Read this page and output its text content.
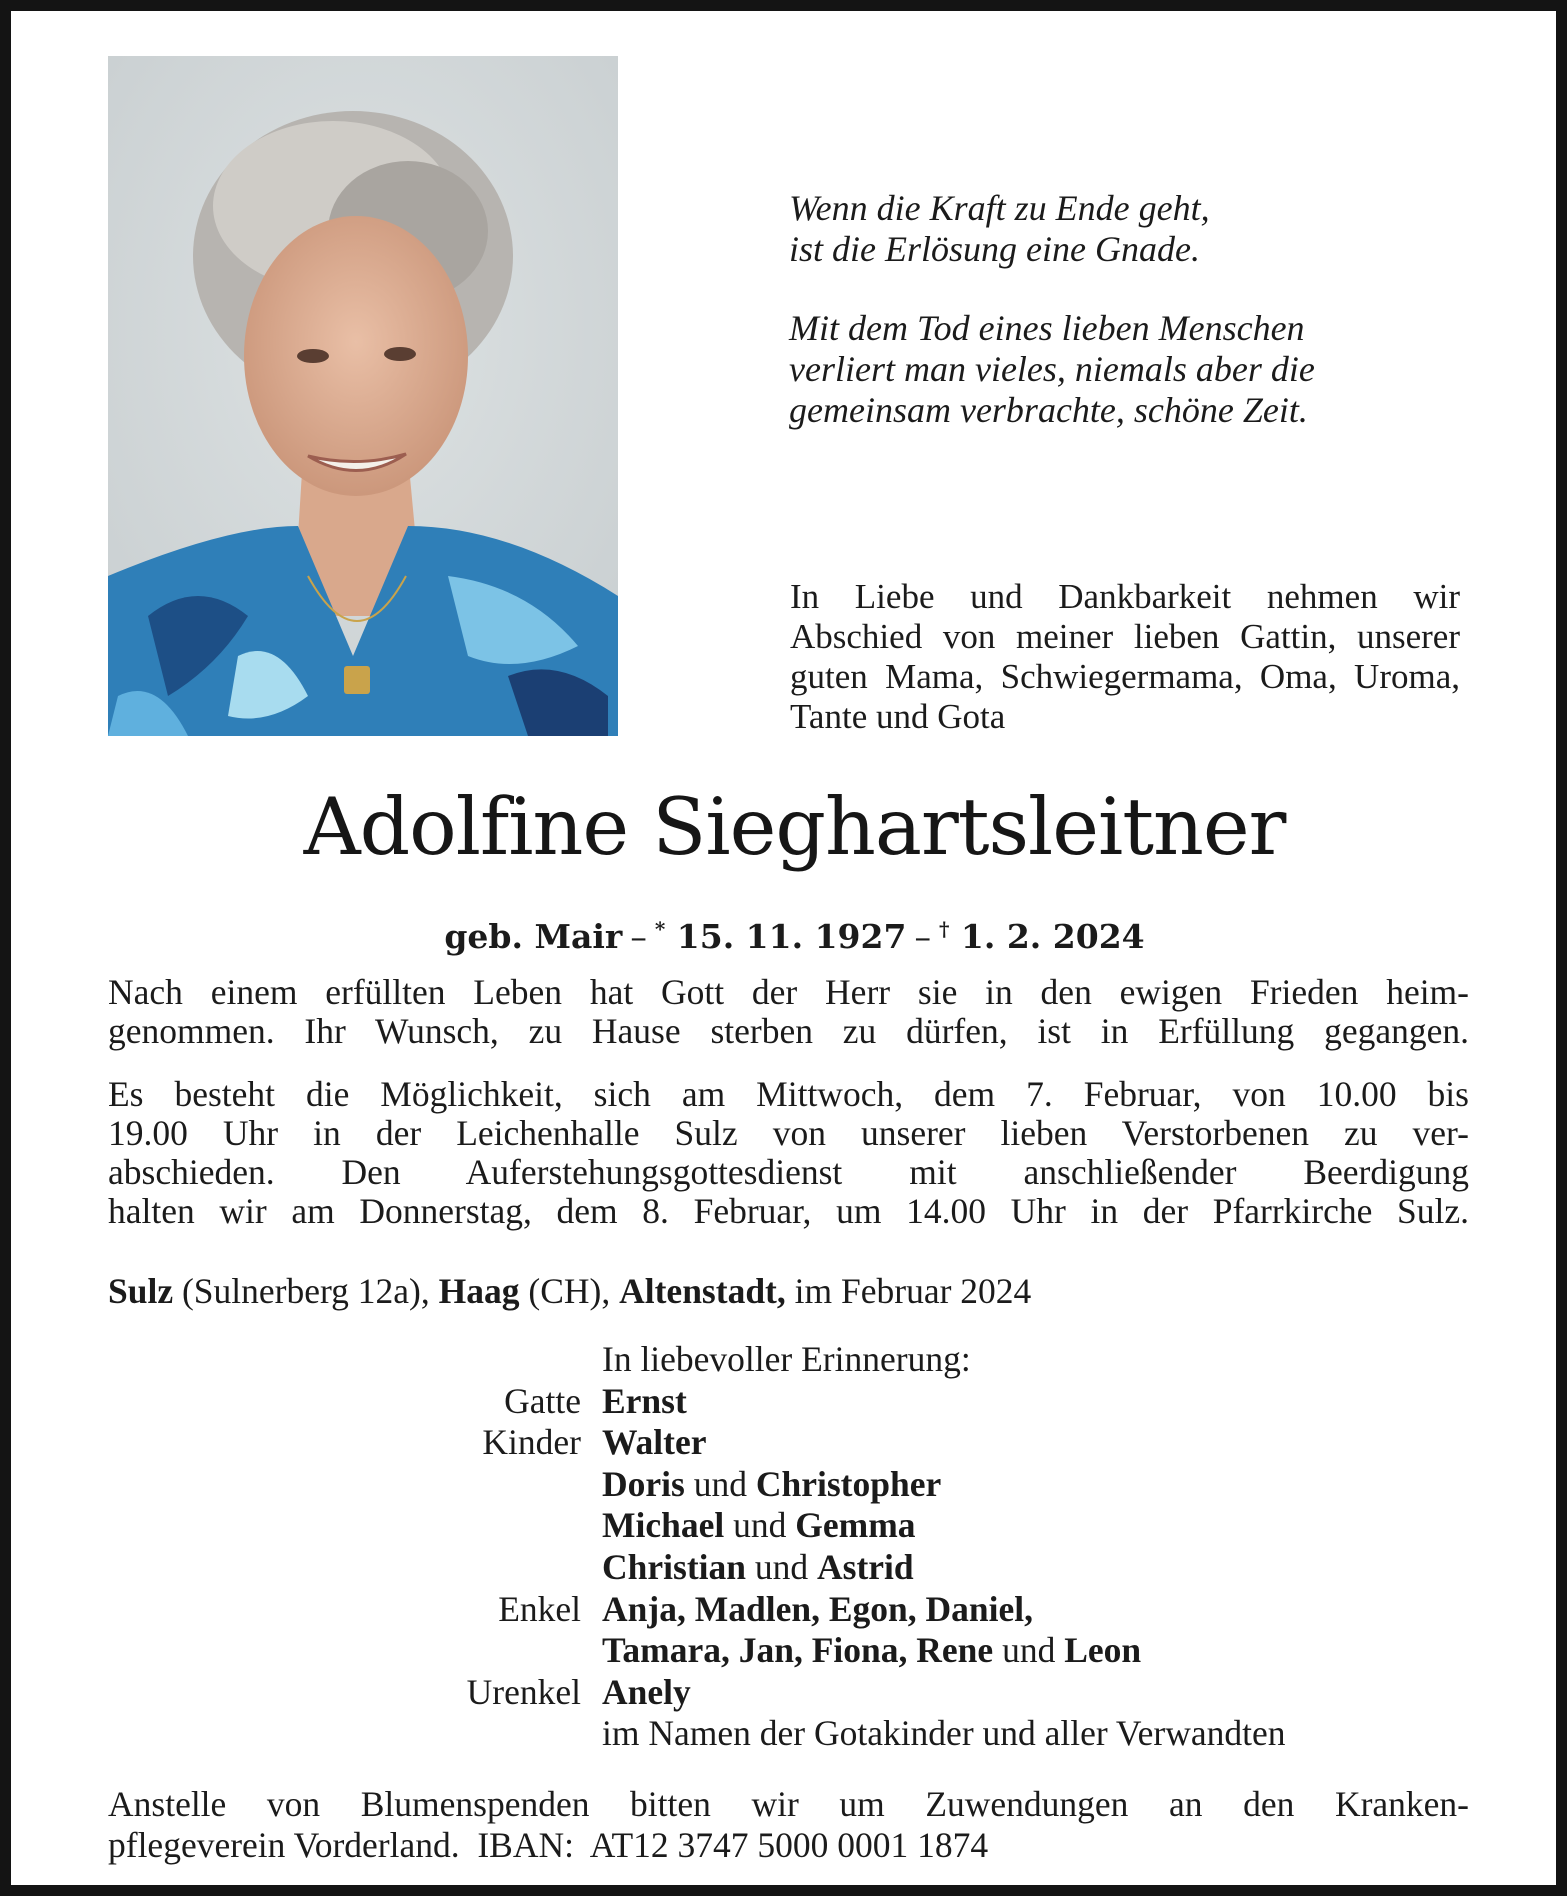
Wenn die Kraft zu Ende geht,
ist die Erlösung eine Gnade.

Mit dem Tod eines lieben Menschen
verliert man vieles, niemals aber die
gemeinsam verbrachte, schöne Zeit.

In Liebe und Dankbarkeit nehmen wir Abschied von meiner lieben Gattin, unserer guten Mama, Schwiegermama, Oma, Uroma, Tante und Gota
Adolfine Sieghartsleitner
geb. Mair – * 15. 11. 1927 – † 1. 2. 2024
Nach einem erfüllten Leben hat Gott der Herr sie in den ewigen Frieden heim-
genommen. Ihr Wunsch, zu Hause sterben zu dürfen, ist in Erfüllung gegangen.
Es besteht die Möglichkeit, sich am Mittwoch, dem 7. Februar, von 10.00 bis
19.00 Uhr in der Leichenhalle Sulz von unserer lieben Verstorbenen zu ver-
abschieden. Den Auferstehungsgottesdienst mit anschließender Beerdigung
halten wir am Donnerstag, dem 8. Februar, um 14.00 Uhr in der Pfarrkirche Sulz.
Sulz (Sulnerberg 12a), Haag (CH), Altenstadt, im Februar 2024
In liebevoller Erinnerung:
Gatte Ernst
Kinder Walter
Doris und Christopher
Michael und Gemma
Christian und Astrid
Enkel Anja, Madlen, Egon, Daniel,
Tamara, Jan, Fiona, Rene und Leon
Urenkel Anely
im Namen der Gotakinder und aller Verwandten
Anstelle von Blumenspenden bitten wir um Zuwendungen an den Kranken-
pflegeverein Vorderland.  IBAN:  AT12 3747 5000 0001 1874
